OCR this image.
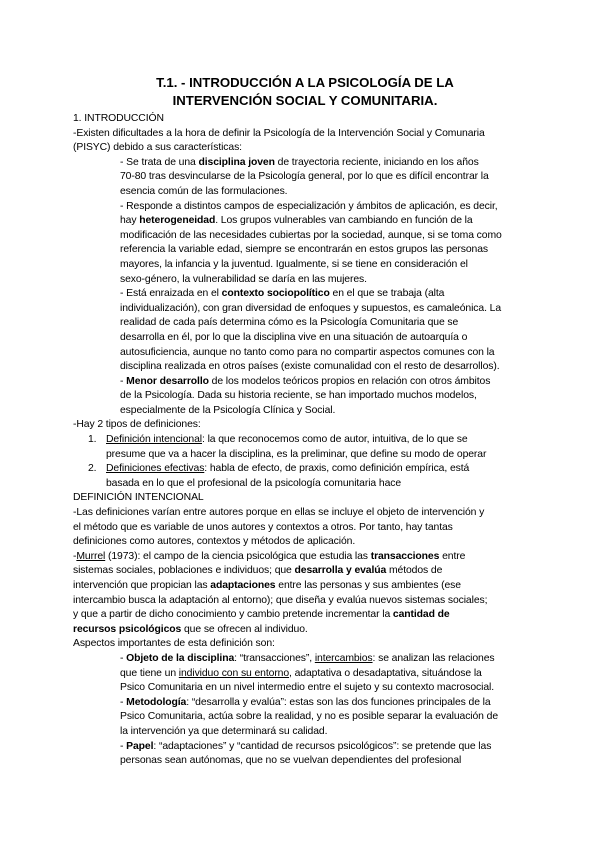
T.1. - INTRODUCCIÓN A LA PSICOLOGÍA DE LA
INTERVENCIÓN SOCIAL Y COMUNITARIA.
1. INTRODUCCIÓN
-Existen dificultades a la hora de definir la Psicología de la Intervención Social y Comunaria
(PISYC) debido a sus características:
- Se trata de una disciplina joven de trayectoria reciente, iniciando en los años
70-80 tras desvincularse de la Psicología general, por lo que es difícil encontrar la
esencia común de las formulaciones.
- Responde a distintos campos de especialización y ámbitos de aplicación, es decir,
hay heterogeneidad. Los grupos vulnerables van cambiando en función de la
modificación de las necesidades cubiertas por la sociedad, aunque, si se toma como
referencia la variable edad, siempre se encontrarán en estos grupos las personas
mayores, la infancia y la juventud. Igualmente, si se tiene en consideración el
sexo-género, la vulnerabilidad se daría en las mujeres.
- Está enraizada en el contexto sociopolítico en el que se trabaja (alta
individualización), con gran diversidad de enfoques y supuestos, es camaleónica. La
realidad de cada país determina cómo es la Psicología Comunitaria que se
desarrolla en él, por lo que la disciplina vive en una situación de autoarquía o
autosuficiencia, aunque no tanto como para no compartir aspectos comunes con la
disciplina realizada en otros países (existe comunalidad con el resto de desarrollos).
- Menor desarrollo de los modelos teóricos propios en relación con otros ámbitos
de la Psicología. Dada su historia reciente, se han importado muchos modelos,
especialmente de la Psicología Clínica y Social.
-Hay 2 tipos de definiciones:
1. Definición intencional: la que reconocemos como de autor, intuitiva, de lo que se
presume que va a hacer la disciplina, es la preliminar, que define su modo de operar
2. Definiciones efectivas: habla de efecto, de praxis, como definición empírica, está
basada en lo que el profesional de la psicología comunitaria hace
DEFINICIÓN INTENCIONAL
-Las definiciones varían entre autores porque en ellas se incluye el objeto de intervención y
el método que es variable de unos autores y contextos a otros. Por tanto, hay tantas
definiciones como autores, contextos y métodos de aplicación.
-Murrel (1973): el campo de la ciencia psicológica que estudia las transacciones entre
sistemas sociales, poblaciones e individuos; que desarrolla y evalúa métodos de
intervención que propician las adaptaciones entre las personas y sus ambientes (ese
intercambio busca la adaptación al entorno); que diseña y evalúa nuevos sistemas sociales;
y que a partir de dicho conocimiento y cambio pretende incrementar la cantidad de
recursos psicológicos que se ofrecen al individuo.
Aspectos importantes de esta definición son:
- Objeto de la disciplina: “transacciones”, intercambios: se analizan las relaciones
que tiene un individuo con su entorno, adaptativa o desadaptativa, situándose la
Psico Comunitaria en un nivel intermedio entre el sujeto y su contexto macrosocial.
- Metodología: “desarrolla y evalúa”: estas son las dos funciones principales de la
Psico Comunitaria, actúa sobre la realidad, y no es posible separar la evaluación de
la intervención ya que determinará su calidad.
- Papel: “adaptaciones” y “cantidad de recursos psicológicos”: se pretende que las
personas sean autónomas, que no se vuelvan dependientes del profesional
